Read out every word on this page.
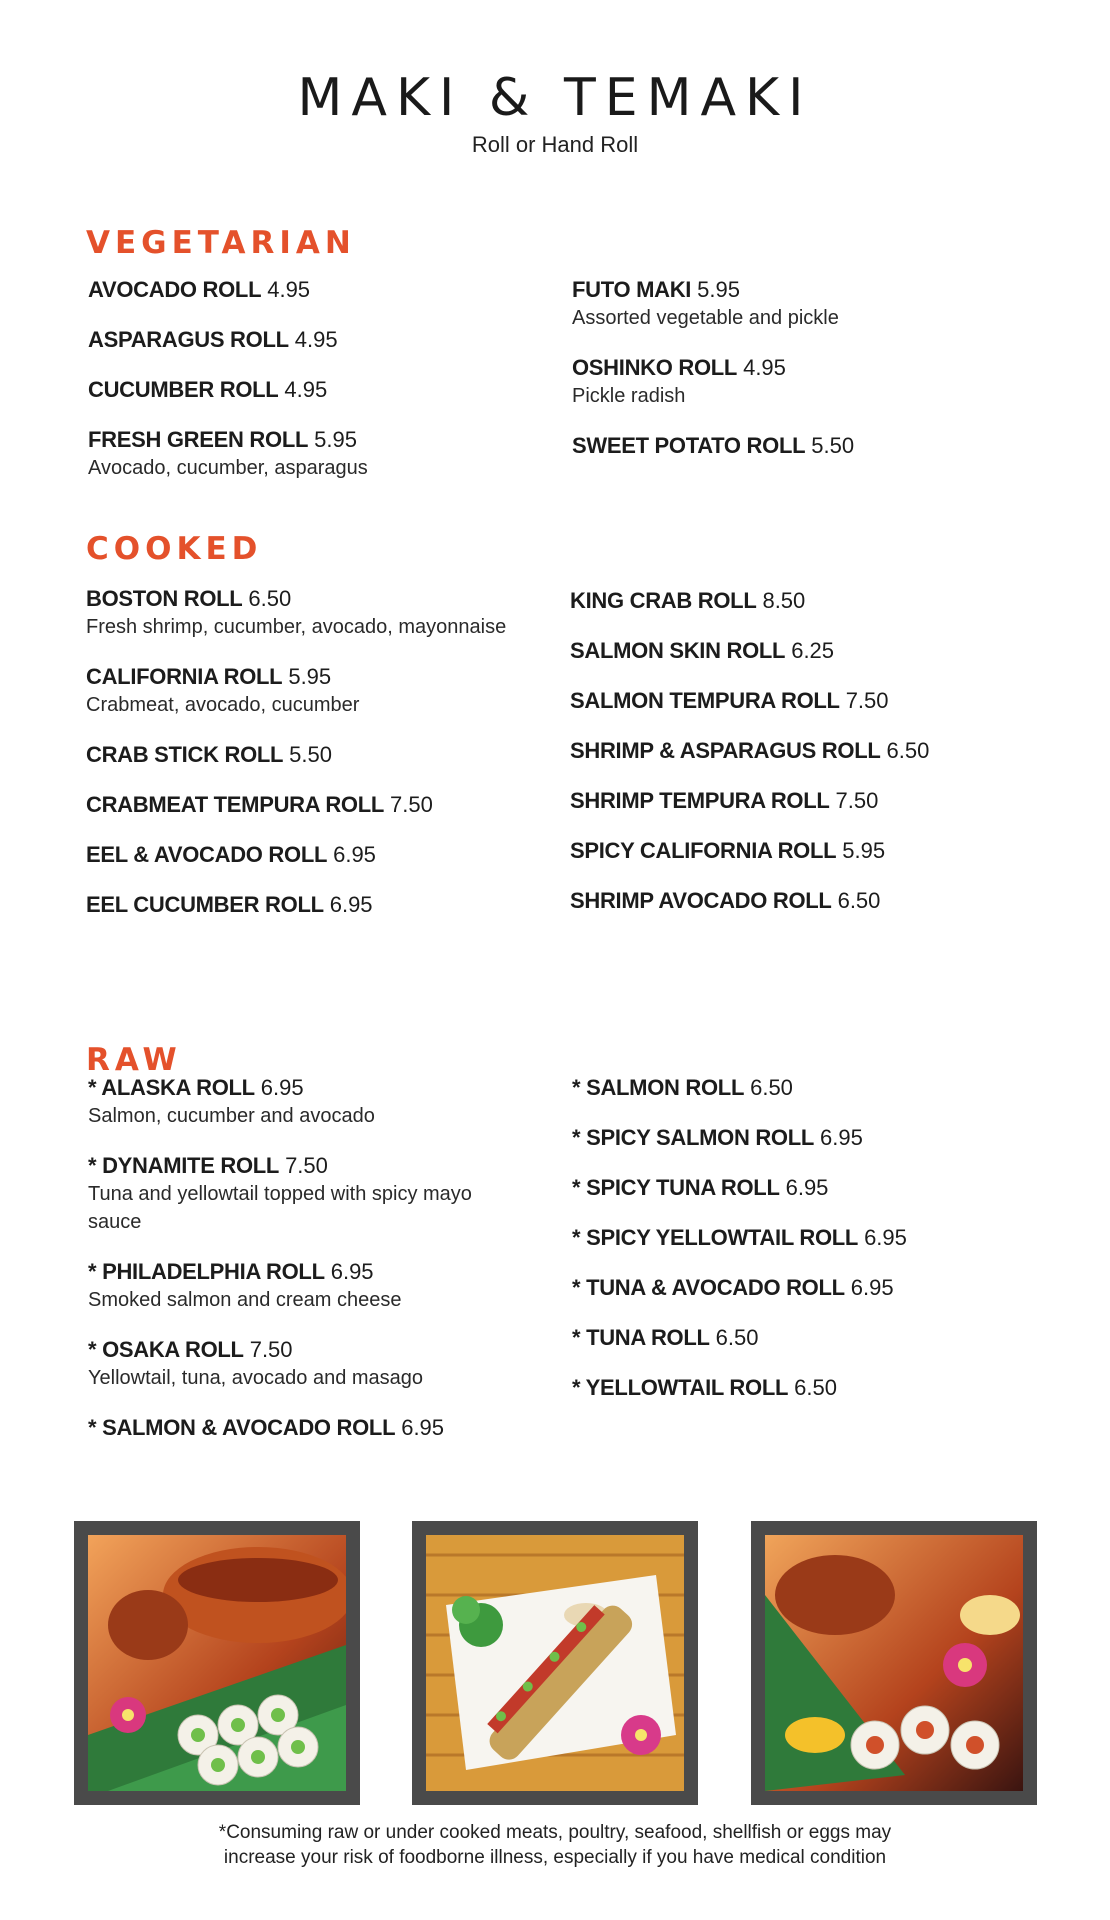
MAKI & TEMAKI
Roll or Hand Roll
VEGETARIAN
AVOCADO ROLL 4.95
ASPARAGUS ROLL 4.95
CUCUMBER ROLL 4.95
FRESH GREEN ROLL 5.95
Avocado, cucumber, asparagus
FUTO MAKI 5.95
Assorted vegetable and pickle
OSHINKO ROLL 4.95
Pickle radish
SWEET POTATO ROLL 5.50
COOKED
BOSTON ROLL 6.50
Fresh shrimp, cucumber, avocado, mayonnaise
CALIFORNIA ROLL 5.95
Crabmeat, avocado, cucumber
CRAB STICK ROLL 5.50
CRABMEAT TEMPURA ROLL 7.50
EEL & AVOCADO ROLL 6.95
EEL CUCUMBER ROLL 6.95
KING CRAB ROLL 8.50
SALMON SKIN ROLL 6.25
SALMON TEMPURA ROLL 7.50
SHRIMP & ASPARAGUS ROLL 6.50
SHRIMP TEMPURA ROLL 7.50
SPICY CALIFORNIA ROLL 5.95
SHRIMP AVOCADO ROLL 6.50
RAW
* ALASKA ROLL 6.95
Salmon, cucumber and avocado
* DYNAMITE ROLL 7.50
Tuna and yellowtail topped with spicy mayo sauce
* PHILADELPHIA ROLL 6.95
Smoked salmon and cream cheese
* OSAKA ROLL 7.50
Yellowtail, tuna, avocado and masago
* SALMON & AVOCADO ROLL 6.95
* SALMON ROLL 6.50
* SPICY SALMON ROLL 6.95
* SPICY TUNA ROLL 6.95
* SPICY YELLOWTAIL ROLL 6.95
* TUNA & AVOCADO ROLL 6.95
* TUNA ROLL 6.50
* YELLOWTAIL ROLL 6.50
*Consuming raw or under cooked meats, poultry, seafood, shellfish or eggs may
increase your risk of foodborne illness, especially if you have medical condition
